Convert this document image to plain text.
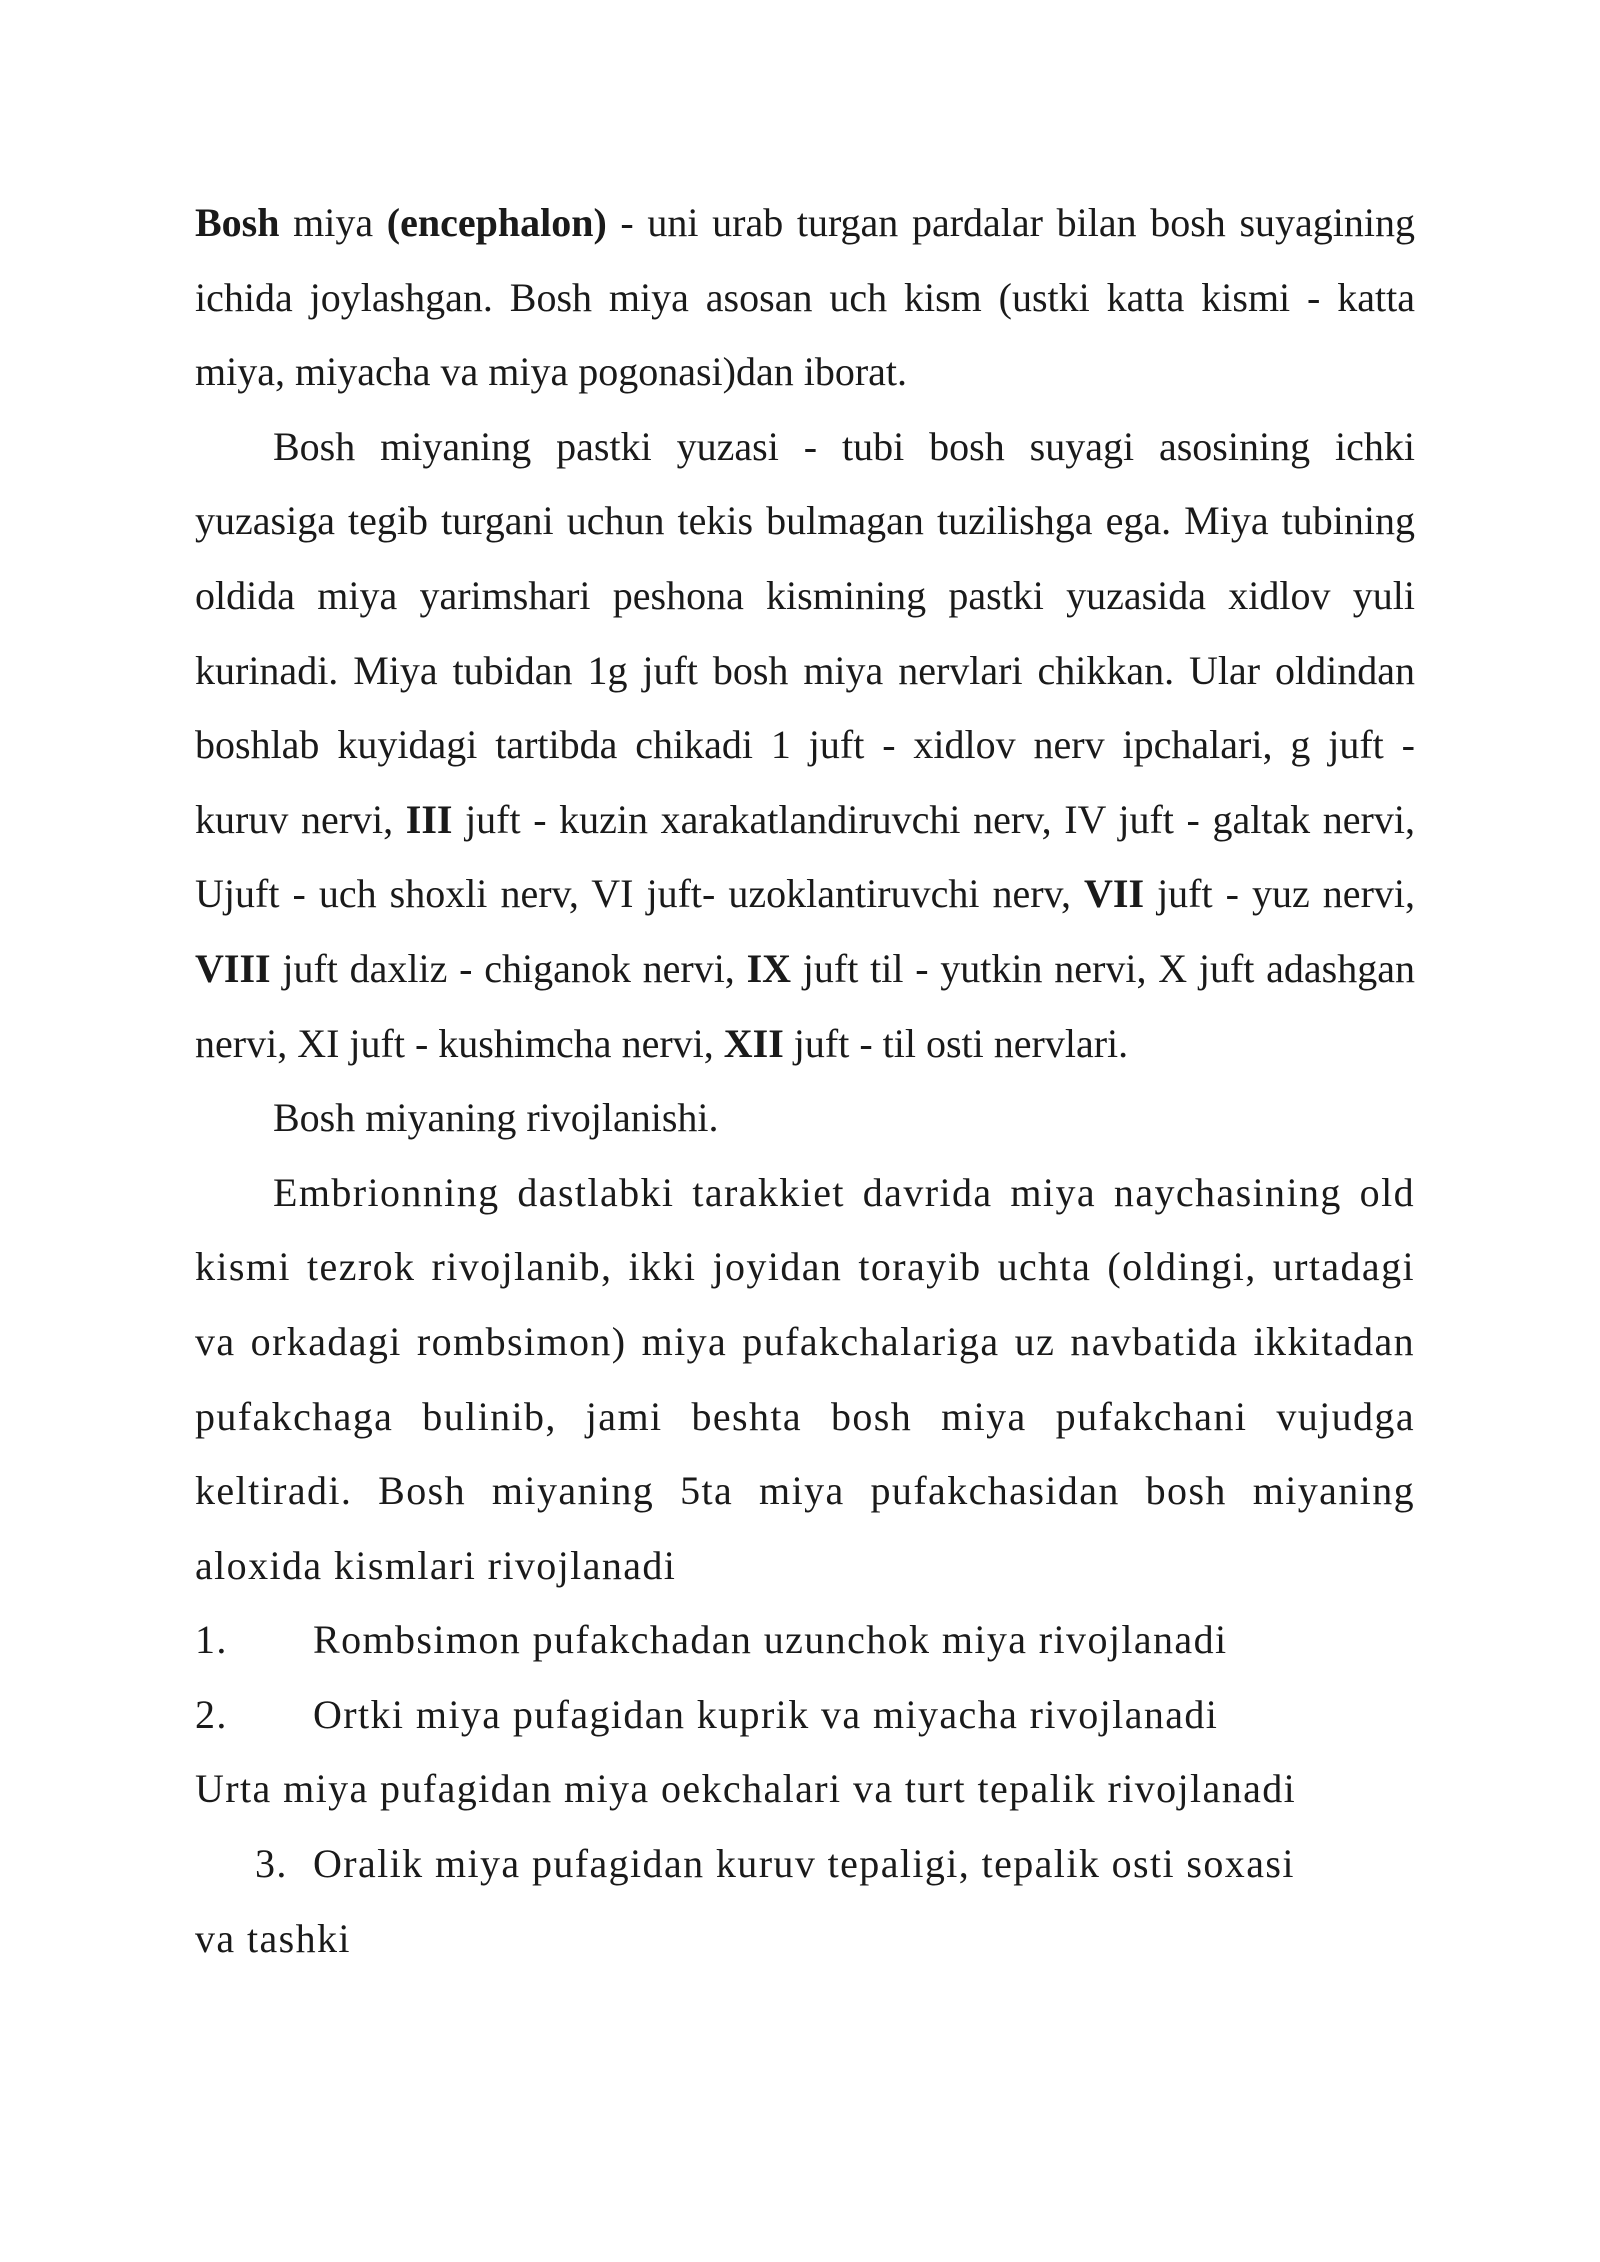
Bosh miya (encephalon) - uni urab turgan pardalar bilan bosh suyagining ichida joylashgan. Bosh miya asosan uch kism (ustki katta kismi - katta miya, miyacha va miya pogonasi)dan iborat.

Bosh miyaning pastki yuzasi - tubi bosh suyagi asosining ichki yuzasiga tegib turgani uchun tekis bulmagan tuzilishga ega. Miya tubining oldida miya yarimshari peshona kismining pastki yuzasida xidlov yuli kurinadi. Miya tubidan 1g juft bosh miya nervlari chikkan. Ular oldindan boshlab kuyidagi tartibda chikadi 1 juft - xidlov nerv ipchalari, g juft - kuruv nervi, III juft - kuzin xarakatlandiruvchi nerv, IV juft - galtak nervi, Ujuft - uch shoxli nerv, VI juft- uzoklantiruvchi nerv, VII juft - yuz nervi, VIII juft daxliz - chiganok nervi, IX juft til - yutkin nervi, X juft adashgan nervi, XI juft - kushimcha nervi, XII juft - til osti nervlari.

Bosh miyaning rivojlanishi.

Embrionning dastlabki tarakkiet davrida miya naychasining old kismi tezrok rivojlanib, ikki joyidan torayib uchta (oldingi, urtadagi va orkadagi rombsimon) miya pufakchalariga uz navbatida ikkitadan pufakchaga bulinib, jami beshta bosh miya pufakchani vujudga keltiradi. Bosh miyaning 5ta miya pufakchasidan bosh miyaning aloxida kismlari rivojlanadi

1.	Rombsimon pufakchadan uzunchok miya rivojlanadi
2.	Ortki miya pufagidan kuprik va miyacha rivojlanadi

Urta miya pufagidan miya oekchalari va turt tepalik rivojlanadi

3. Oralik miya pufagidan kuruv tepaligi, tepalik osti soxasi

va tashki
